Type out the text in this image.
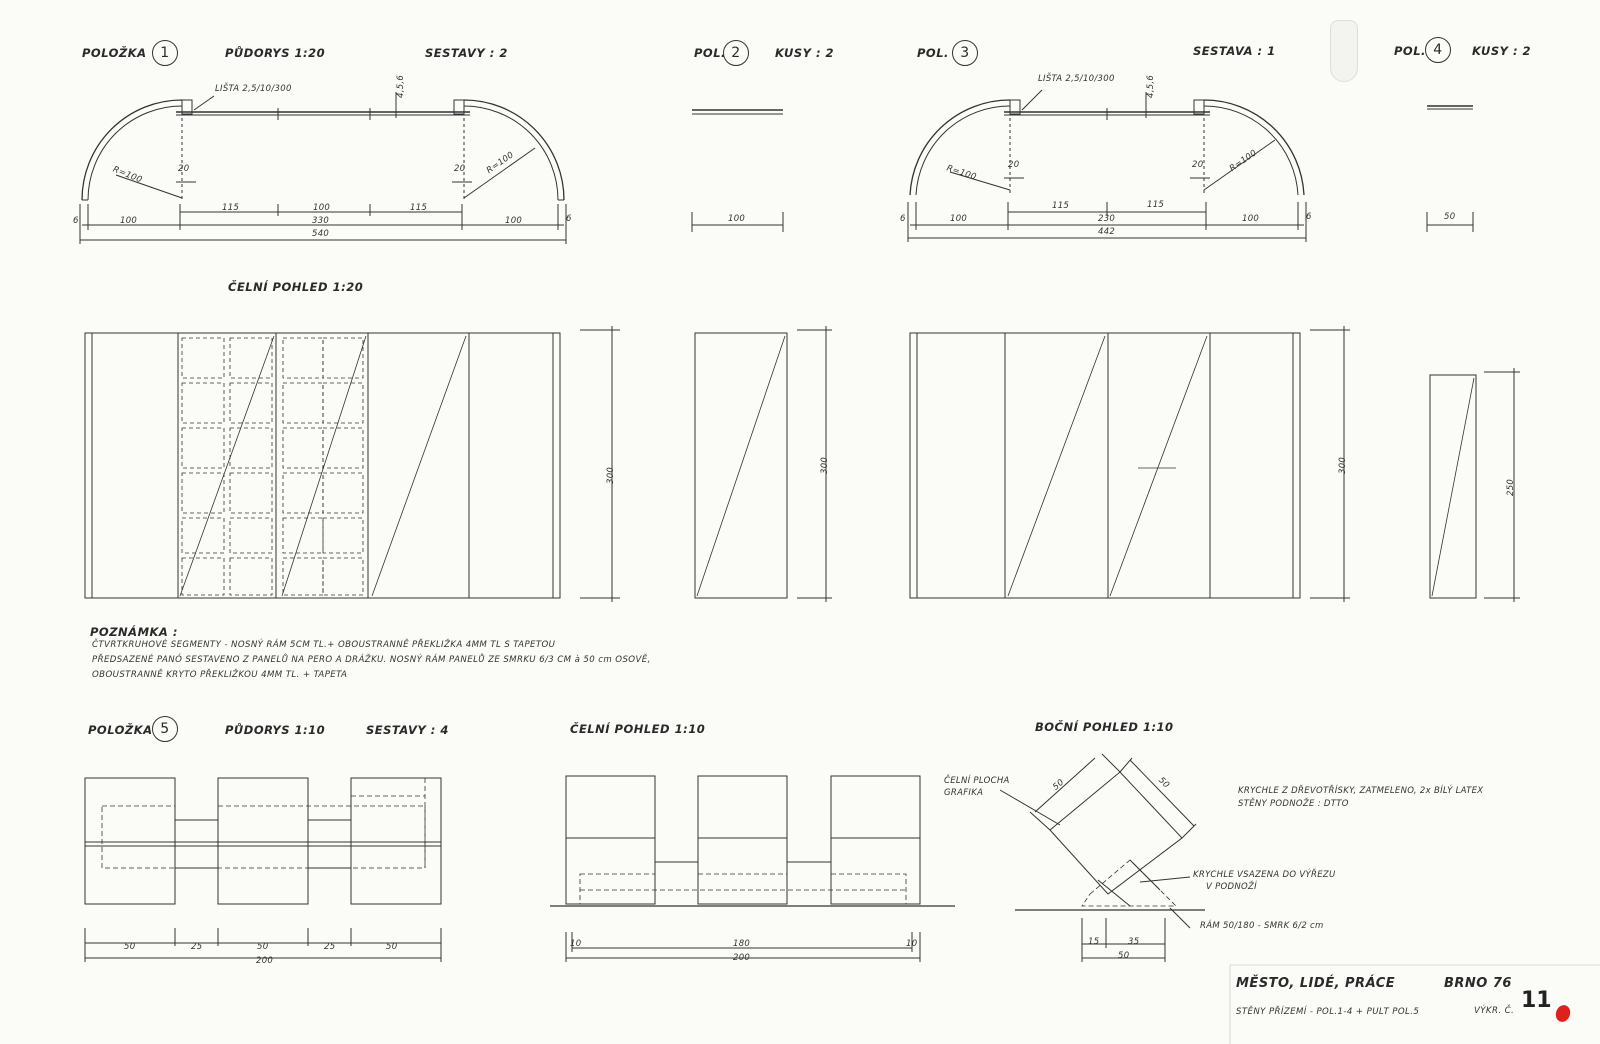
POLOŽKA 1	PŮDORYS 1:20	SESTAVY : 2	POL. 2	KUSY : 2	POL. 3	SESTAVA : 1	POL. 4	KUSY : 2
LIŠTA 2,5/10/300	4,5,6
R=100	R=100
20	20
115	100	115
6	100	330	100	6
540
100
LIŠTA 2,5/10/300	4,5,6
R=100	R=100
20	20
115	115
6	100	230	100	6
442
50
ČELNÍ POHLED 1:20
300
300	300
250
POZNÁMKA :
ČTVRTKRUHOVÉ SEGMENTY - NOSNÝ RÁM 5CM TL.+ OBOUSTRANNĚ PŘEKLIŽKA 4MM TL S TAPETOU
PŘEDSAZENÉ PANÓ SESTAVENO Z PANELŮ NA PERO A DRÁŽKU. NOSNÝ RÁM PANELŮ ZE SMRKU 6/3 CM à 50 cm OSOVĚ,
OBOUSTRANNĚ KRYTO PŘEKLIŽKOU 4MM TL. + TAPETA
POLOŽKA 5	PŮDORYS 1:10	SESTAVY : 4	ČELNÍ POHLED 1:10	BOČNÍ POHLED 1:10
50	25	50	25	50
200
10	180	10
200
15	35
50
50	50
ČELNÍ PLOCHA
GRAFIKA
KRYCHLE VSAZENA DO VÝŘEZU
V PODNOŽÍ
RÁM 50/180 - SMRK 6/2 cm
KRYCHLE Z DŘEVOTŘÍSKY, ZATMELENO, 2x BÍLÝ LATEX
STĚNY PODNOŽE : DTTO
MĚSTO, LIDÉ, PRÁCE	BRNO 76
STĚNY PŘÍZEMÍ - POL.1-4 + PULT POL.5	VÝKR. Č. 11
